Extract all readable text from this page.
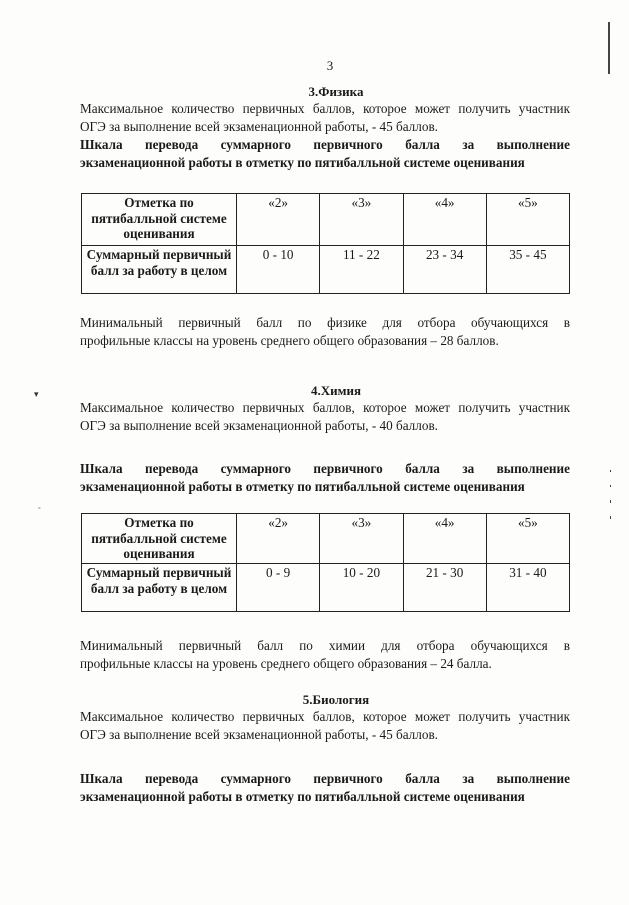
3
3.Физика

Максимальное количество первичных баллов, которое может получить участник

ОГЭ за выполнение всей экзаменационной работы, - 45 баллов.

Шкала перевода суммарного первичного балла за выполнение

экзаменационной работы в отметку по пятибалльной системе оценивания

Отметка по пятибалльной системе оценивания	«2»	«3»	«4»	«5»
Суммарный первичный балл за работу в целом	0 - 10	11 - 22	23 - 34	35 - 45

Минимальный первичный балл по физике для отбора обучающихся в

профильные классы на уровень среднего общего образования – 28 баллов.

4.Химия

Максимальное количество первичных баллов, которое может получить участник

ОГЭ за выполнение всей экзаменационной работы, - 40 баллов.

Шкала перевода суммарного первичного балла за выполнение

экзаменационной работы в отметку по пятибалльной системе оценивания

Отметка по пятибалльной системе оценивания	«2»	«3»	«4»	«5»
Суммарный первичный балл за работу в целом	0 - 9	10 - 20	21 - 30	31 - 40

Минимальный первичный балл по химии для отбора обучающихся в

профильные классы на уровень среднего общего образования – 24 балла.

5.Биология

Максимальное количество первичных баллов, которое может получить участник

ОГЭ за выполнение всей экзаменационной работы, - 45 баллов.

Шкала перевода суммарного первичного балла за выполнение

экзаменационной работы в отметку по пятибалльной системе оценивания

▾
˷
